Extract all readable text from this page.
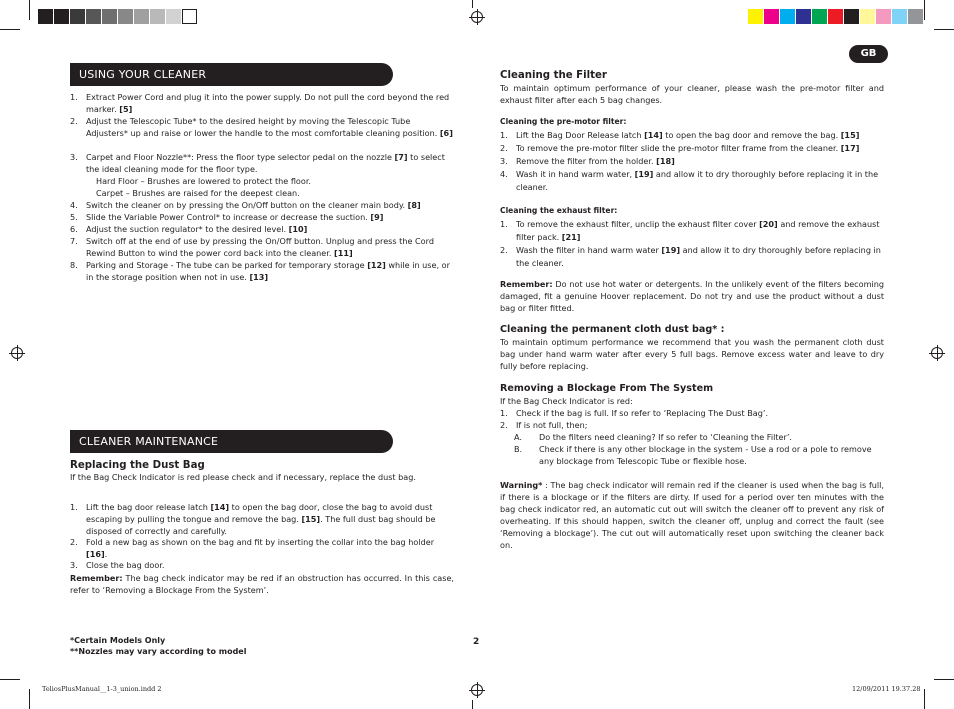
GB
USING YOUR CLEANER
1. Extract Power Cord and plug it into the power supply. Do not pull the cord beyond the red marker. [5]
2. Adjust the Telescopic Tube* to the desired height by moving the Telescopic Tube Adjusters* up and raise or lower the handle to the most comfortable cleaning position. [6]
3. Carpet and Floor Nozzle**: Press the floor type selector pedal on the nozzle [7] to select the ideal cleaning mode for the floor type.
Hard Floor – Brushes are lowered to protect the floor.
Carpet – Brushes are raised for the deepest clean.
4. Switch the cleaner on by pressing the On/Off button on the cleaner main body. [8]
5. Slide the Variable Power Control* to increase or decrease the suction. [9]
6. Adjust the suction regulator* to the desired level. [10]
7. Switch off at the end of use by pressing the On/Off button. Unplug and press the Cord Rewind Button to wind the power cord back into the cleaner. [11]
8. Parking and Storage - The tube can be parked for temporary storage [12] while in use, or in the storage position when not in use. [13]
CLEANER MAINTENANCE
Replacing the Dust Bag
If the Bag Check Indicator is red please check and if necessary, replace the dust bag.
1. Lift the bag door release latch [14] to open the bag door, close the bag to avoid dust escaping by pulling the tongue and remove the bag. [15]. The full dust bag should be disposed of correctly and carefully.
2. Fold a new bag as shown on the bag and fit by inserting the collar into the bag holder [16].
3. Close the bag door.
Remember: The bag check indicator may be red if an obstruction has occurred. In this case, refer to ‘Removing a Blockage From the System’.
*Certain Models Only
**Nozzles may vary according to model
2
Cleaning the Filter
To maintain optimum performance of your cleaner, please wash the pre-motor filter and exhaust filter after each 5 bag changes.
Cleaning the pre-motor filter:
1. Lift the Bag Door Release latch [14] to open the bag door and remove the bag. [15]
2. To remove the pre-motor filter slide the pre-motor filter frame from the cleaner. [17]
3. Remove the filter from the holder. [18]
4. Wash it in hand warm water, [19] and allow it to dry thoroughly before replacing it in the cleaner.
Cleaning the exhaust filter:
1. To remove the exhaust filter, unclip the exhaust filter cover [20] and remove the exhaust filter pack. [21]
2. Wash the filter in hand warm water [19] and allow it to dry thoroughly before replacing in the cleaner.
Remember: Do not use hot water or detergents. In the unlikely event of the filters becoming damaged, fit a genuine Hoover replacement. Do not try and use the product without a dust bag or filter fitted.
Cleaning the permanent cloth dust bag* :
To maintain optimum performance we recommend that you wash the permanent cloth dust bag under hand warm water after every 5 full bags. Remove excess water and leave to dry fully before replacing.
Removing a Blockage From The System
If the Bag Check Indicator is red:
1. Check if the bag is full. If so refer to ‘Replacing The Dust Bag’.
2. If is not full, then;
A. Do the filters need cleaning? If so refer to ‘Cleaning the Filter’.
B. Check if there is any other blockage in the system - Use a rod or a pole to remove any blockage from Telescopic Tube or flexible hose.
Warning* : The bag check indicator will remain red if the cleaner is used when the bag is full, if there is a blockage or if the filters are dirty. If used for a period over ten minutes with the bag check indicator red, an automatic cut out will switch the cleaner off to prevent any risk of overheating. If this should happen, switch the cleaner off, unplug and correct the fault (see ‘Removing a blockage’). The cut out will automatically reset upon switching the cleaner back on.
TeliosPlusManual__1-3_union.indd 2	12/09/2011 19.37.28
